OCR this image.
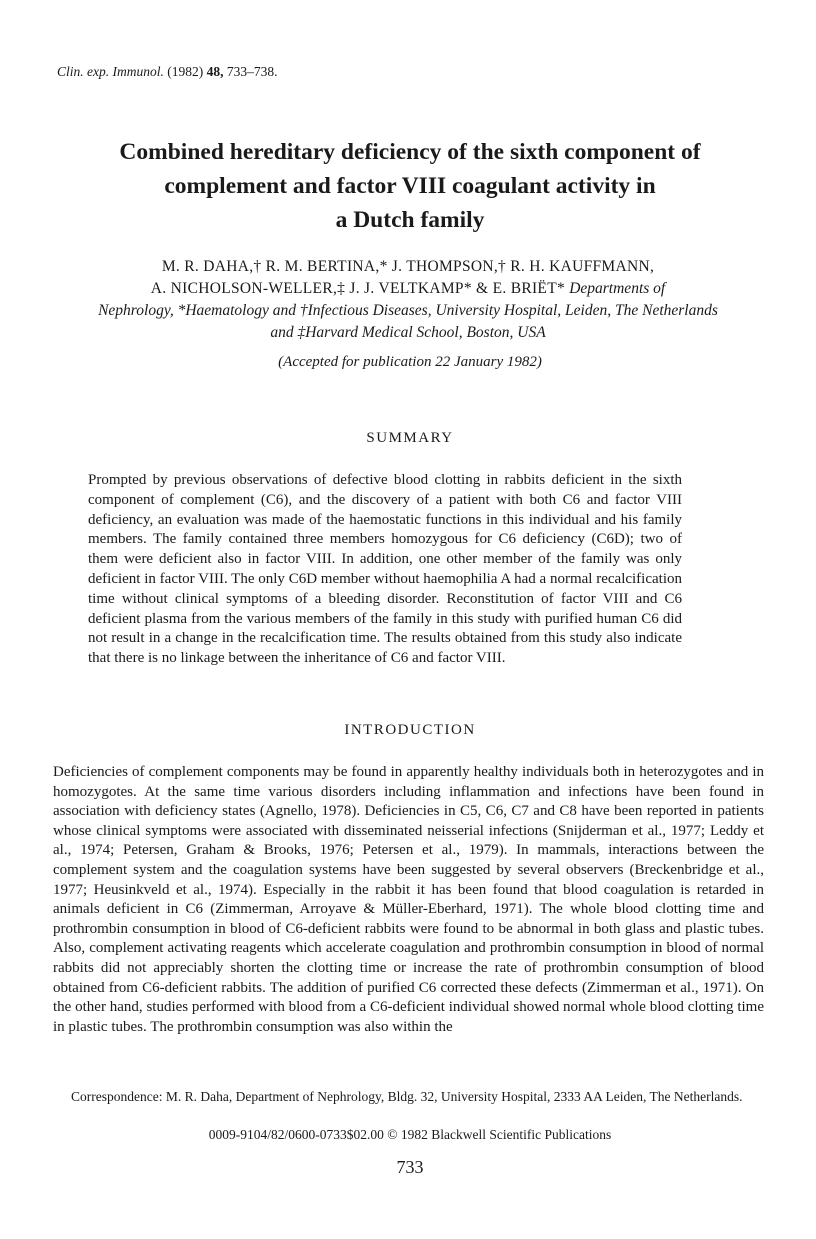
Clin. exp. Immunol. (1982) 48, 733–738.
Combined hereditary deficiency of the sixth component of
complement and factor VIII coagulant activity in
a Dutch family
M. R. DAHA,† R. M. BERTINA,* J. THOMPSON,† R. H. KAUFFMANN,
A. NICHOLSON-WELLER,‡ J. J. VELTKAMP* & E. BRIËT* Departments of
Nephrology, *Haematology and †Infectious Diseases, University Hospital, Leiden, The Netherlands
and ‡Harvard Medical School, Boston, USA
(Accepted for publication 22 January 1982)
SUMMARY

Prompted by previous observations of defective blood clotting in rabbits deficient in the sixth component of complement (C6), and the discovery of a patient with both C6 and factor VIII deficiency, an evaluation was made of the haemostatic functions in this individual and his family members. The family contained three members homozygous for C6 deficiency (C6D); two of them were deficient also in factor VIII. In addition, one other member of the family was only deficient in factor VIII. The only C6D member without haemophilia A had a normal recalcification time without clinical symptoms of a bleeding disorder. Reconstitution of factor VIII and C6 deficient plasma from the various members of the family in this study with purified human C6 did not result in a change in the recalcification time. The results obtained from this study also indicate that there is no linkage between the inheritance of C6 and factor VIII.

INTRODUCTION

Deficiencies of complement components may be found in apparently healthy individuals both in heterozygotes and in homozygotes. At the same time various disorders including inflammation and infections have been found in association with deficiency states (Agnello, 1978). Deficiencies in C5, C6, C7 and C8 have been reported in patients whose clinical symptoms were associated with disseminated neisserial infections (Snijderman et al., 1977; Leddy et al., 1974; Petersen, Graham & Brooks, 1976; Petersen et al., 1979). In mammals, interactions between the complement system and the coagulation systems have been suggested by several observers (Breckenbridge et al., 1977; Heusinkveld et al., 1974). Especially in the rabbit it has been found that blood coagulation is retarded in animals deficient in C6 (Zimmerman, Arroyave & Müller-Eberhard, 1971). The whole blood clotting time and prothrombin consumption in blood of C6-deficient rabbits were found to be abnormal in both glass and plastic tubes. Also, complement activating reagents which accelerate coagulation and prothrombin consumption in blood of normal rabbits did not appreciably shorten the clotting time or increase the rate of prothrombin consumption of blood obtained from C6-deficient rabbits. The addition of purified C6 corrected these defects (Zimmerman et al., 1971). On the other hand, studies performed with blood from a C6-deficient individual showed normal whole blood clotting time in plastic tubes. The prothrombin consumption was also within the

Correspondence: M. R. Daha, Department of Nephrology, Bldg. 32, University Hospital, 2333 AA Leiden, The Netherlands.
0009-9104/82/0600-0733$02.00 © 1982 Blackwell Scientific Publications
733
